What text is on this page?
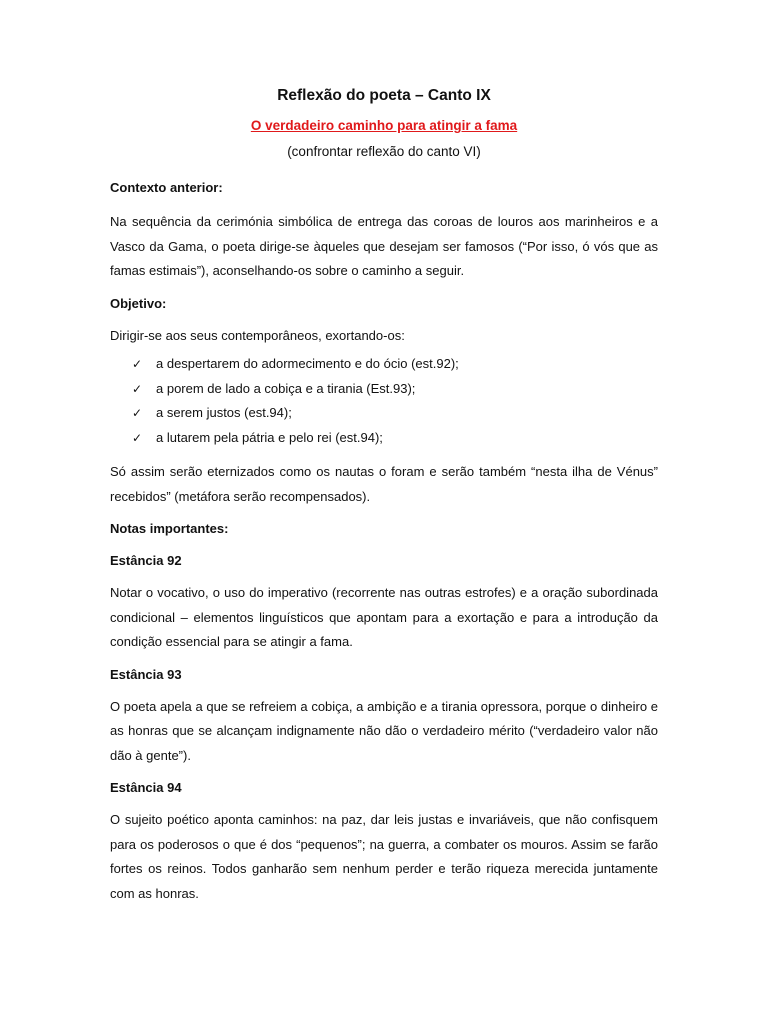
Reflexão do poeta – Canto IX
O verdadeiro caminho para atingir a fama
(confrontar reflexão do canto VI)
Contexto anterior:

Na sequência da cerimónia simbólica de entrega das coroas de louros aos marinheiros e a Vasco da Gama, o poeta dirige-se àqueles que desejam ser famosos (“Por isso, ó vós que as famas estimais”), aconselhando-os sobre o caminho a seguir.

Objetivo:

Dirigir-se aos seus contemporâneos, exortando-os:

✓	a despertarem do adormecimento e do ócio (est.92);
✓	a porem de lado a cobiça e a tirania (Est.93);
✓	a serem justos (est.94);
✓	a lutarem pela pátria e pelo rei (est.94);

Só assim serão eternizados como os nautas o foram e serão também “nesta ilha de Vénus” recebidos” (metáfora serão recompensados).

Notas importantes:
Estância 92

Notar o vocativo, o uso do imperativo (recorrente nas outras estrofes) e a oração subordinada condicional – elementos linguísticos que apontam para a exortação e para a introdução da condição essencial para se atingir a fama.

Estância 93

O poeta apela a que se refreiem a cobiça, a ambição e a tirania opressora, porque o dinheiro e as honras que se alcançam indignamente não dão o verdadeiro mérito (“verdadeiro valor não dão à gente”).

Estância 94

O sujeito poético aponta caminhos: na paz, dar leis justas e invariáveis, que não confisquem para os poderosos o que é dos “pequenos”; na guerra, a combater os mouros. Assim se farão fortes os reinos. Todos ganharão sem nenhum perder e terão riqueza merecida juntamente com as honras.
